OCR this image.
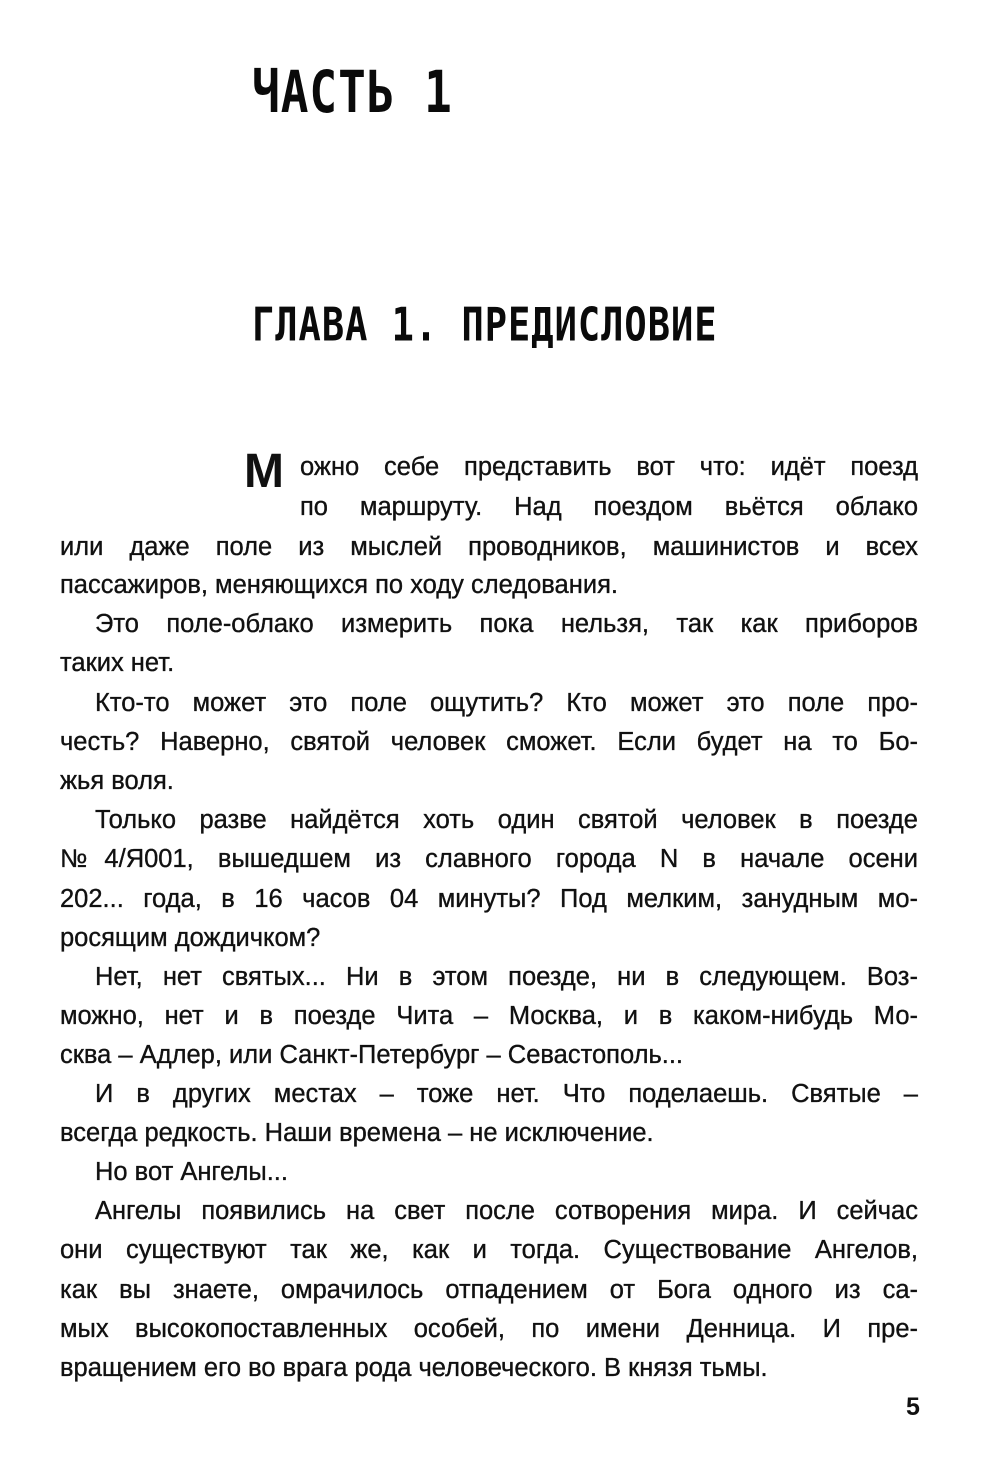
ЧАСТЬ 1
ГЛАВА 1. ПРЕДИСЛОВИЕ
М ожно себе представить вот что: идёт поезд
по маршруту. Над поездом вьётся облако
или даже поле из мыслей проводников, машинистов и всех
пассажиров, меняющихся по ходу следования.
Это поле-облако измерить пока нельзя, так как приборов
таких нет.
Кто-то может это поле ощутить? Кто может это поле про-
честь? Наверно, святой человек сможет. Если будет на то Бо-
жья воля.
Только разве найдётся хоть один святой человек в поезде
№4/Я001, вышедшем из славного города N в начале осени
202... года, в 16 часов 04 минуты? Под мелким, занудным мо-
росящим дождичком?
Нет, нет святых... Ни в этом поезде, ни в следующем. Воз-
можно, нет и в поезде Чита – Москва, и в каком-нибудь Мо-
сква – Адлер, или Санкт-Петербург – Севастополь...
И в других местах – тоже нет. Что поделаешь. Святые –
всегда редкость. Наши времена – не исключение.
Но вот Ангелы...
Ангелы появились на свет после сотворения мира. И сейчас
они существуют так же, как и тогда. Существование Ангелов,
как вы знаете, омрачилось отпадением от Бога одного из са-
мых высокопоставленных особей, по имени Денница. И пре-
вращением его во врага рода человеческого. В князя тьмы.
5
